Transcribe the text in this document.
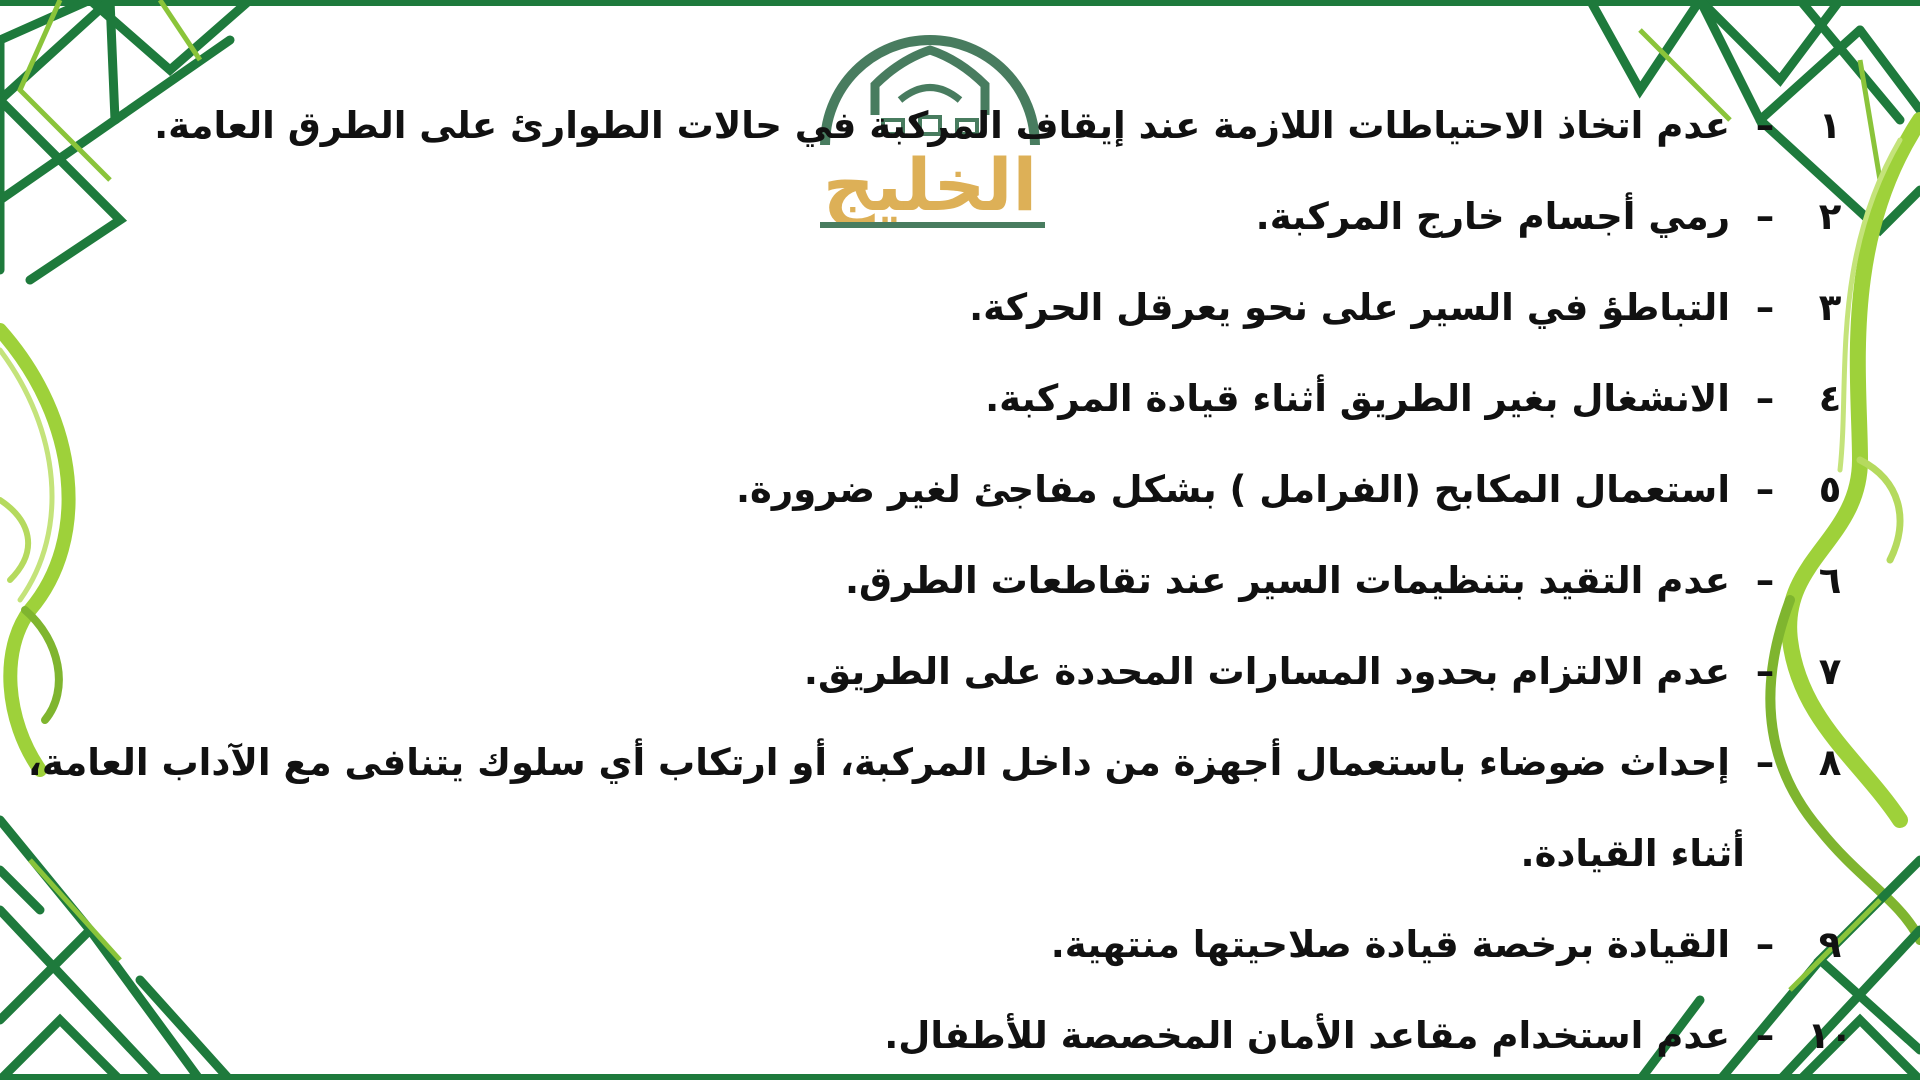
الخليج
١–عدم اتخاذ الاحتياطات اللازمة عند إيقاف المركبة في حالات الطوارئ على الطرق العامة.
٢–رمي أجسام خارج المركبة.
٣–التباطؤ في السير على نحو يعرقل الحركة.
٤–الانشغال بغير الطريق أثناء قيادة المركبة.
٥–استعمال المكابح (الفرامل ) بشكل مفاجئ لغير ضرورة.
٦–عدم التقيد بتنظيمات السير عند تقاطعات الطرق.
٧–عدم الالتزام بحدود المسارات المحددة على الطريق.
٨–إحداث ضوضاء باستعمال أجهزة من داخل المركبة، أو ارتكاب أي سلوك يتنافى مع الآداب العامة،
أثناء القيادة.
٩–القيادة برخصة قيادة صلاحيتها منتهية.
١٠–عدم استخدام مقاعد الأمان المخصصة للأطفال.
